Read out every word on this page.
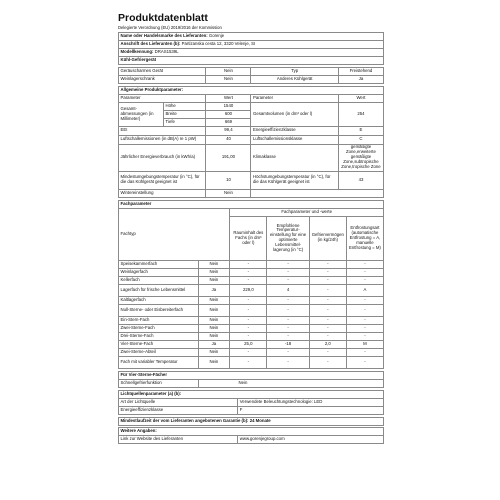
Produktdatenblatt
Delegierte Verordnung (EU) 2019/2016 der Kommission
Name oder Handelsmarke des Lieferanten: Gorenje
Anschrift des Lieferanten (b): Partizanska cesta 12, 3320 Velenje, SI
Modellkennung: DRAS1539L
Kühl-Gefriergerät
Geräuscharmes Gerät	Nein	Typ	Freistehend
Weinlagerschrank	Nein	Anderes Kühlgerät	Ja
Allgemeine Produktparameter:				
Parameter		Wert	Parameter	Wert
Gesamt-abmessungen (in Millimeter)	Höhe	1540	Gesamtvolumen (in dm³ oder l)	254
	Breite	600		
	Tiefe	669		
EEI		99,4	Energieeffizienzklasse	E
Luftschallemissionen (in dB(A) re 1 pW)		40	Luftschallemissionsklasse	C
Jährlicher Energieverbrauch (in kWh/a)		191,00	Klimaklasse	gemäßigte Zone,erweiterte gemäßigte Zone,subtropische Zone,tropische Zone
Mindestumgebungstemperatur (in °C), für die das Kühlgerät geeignet ist		10	Höchstumgebungstemperatur (in °C), für die das Kühlgerät geeignet ist	43
Wintereinstellung		Nein		
Fachparameter					
Fachtyp		Fachparameter und -werte			
		Rauminhalt des Fachs (in dm³ oder l)	Empfohlene Temperatur-einstellung für eine optimierte Lebensmittel-lagerung (in °C)	Gefriervermögen (in kg/24h)	Entfrostungsart (automatische Entfrostung = A, manuelle Entfrostung = M)
Speisekammerfach	Nein	-	-	-	-
Weinlagerfach	Nein	-	-	-	-
Kellerfach	Nein	-	-	-	-
Lagerfach für frische Lebensmittel	Ja	229,0	4	-	A
Kaltlagerfach	Nein	-	-	-	-
Null-Sterne- oder Eisbereiterfach	Nein	-	-	-	-
Ein-Stern-Fach	Nein	-	-	-	-
Zwei-Sterne-Fach	Nein	-	-	-	-
Drei-Sterne-Fach	Nein	-	-	-	-
Vier-Sterne-Fach	Ja	25,0	-18	2,0	M
Zwei-Sterne-Abteil	Nein	-	-	-	-
Fach mit variabler Temperatur	Nein	-	-	-	-
Für Vier-Sterne-Fächer
Schnellgefrierfunktion	Nein
Lichtquellenparameter (a) (b):	
Art der Lichtquelle	Verwendete Beleuchtungstechnologie: LED
Energieeffizienzklasse	F
Mindestlaufzeit der vom Lieferanten angebotenen Garantie (b): 24 Monate
Weitere Angaben:
Link zur Website des Lieferanten	www.gorenjegroup.com
